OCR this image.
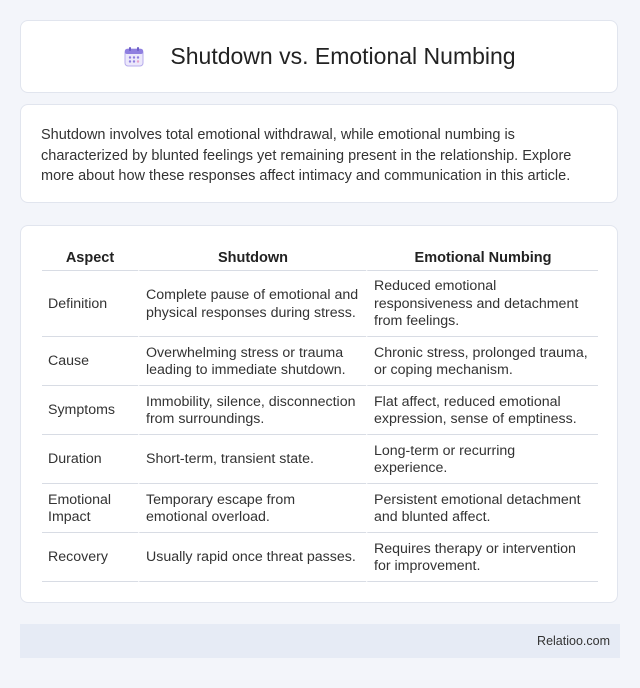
Shutdown vs. Emotional Numbing

Shutdown involves total emotional withdrawal, while emotional numbing is characterized by blunted feelings yet remaining present in the relationship. Explore more about how these responses affect intimacy and communication in this article.

Aspect	Shutdown	Emotional Numbing
Definition	Complete pause of emotional and physical responses during stress.	Reduced emotional responsiveness and detachment from feelings.
Cause	Overwhelming stress or trauma leading to immediate shutdown.	Chronic stress, prolonged trauma, or coping mechanism.
Symptoms	Immobility, silence, disconnection from surroundings.	Flat affect, reduced emotional expression, sense of emptiness.
Duration	Short-term, transient state.	Long-term or recurring experience.
Emotional Impact	Temporary escape from emotional overload.	Persistent emotional detachment and blunted affect.
Recovery	Usually rapid once threat passes.	Requires therapy or intervention for improvement.
Relatioo.com
